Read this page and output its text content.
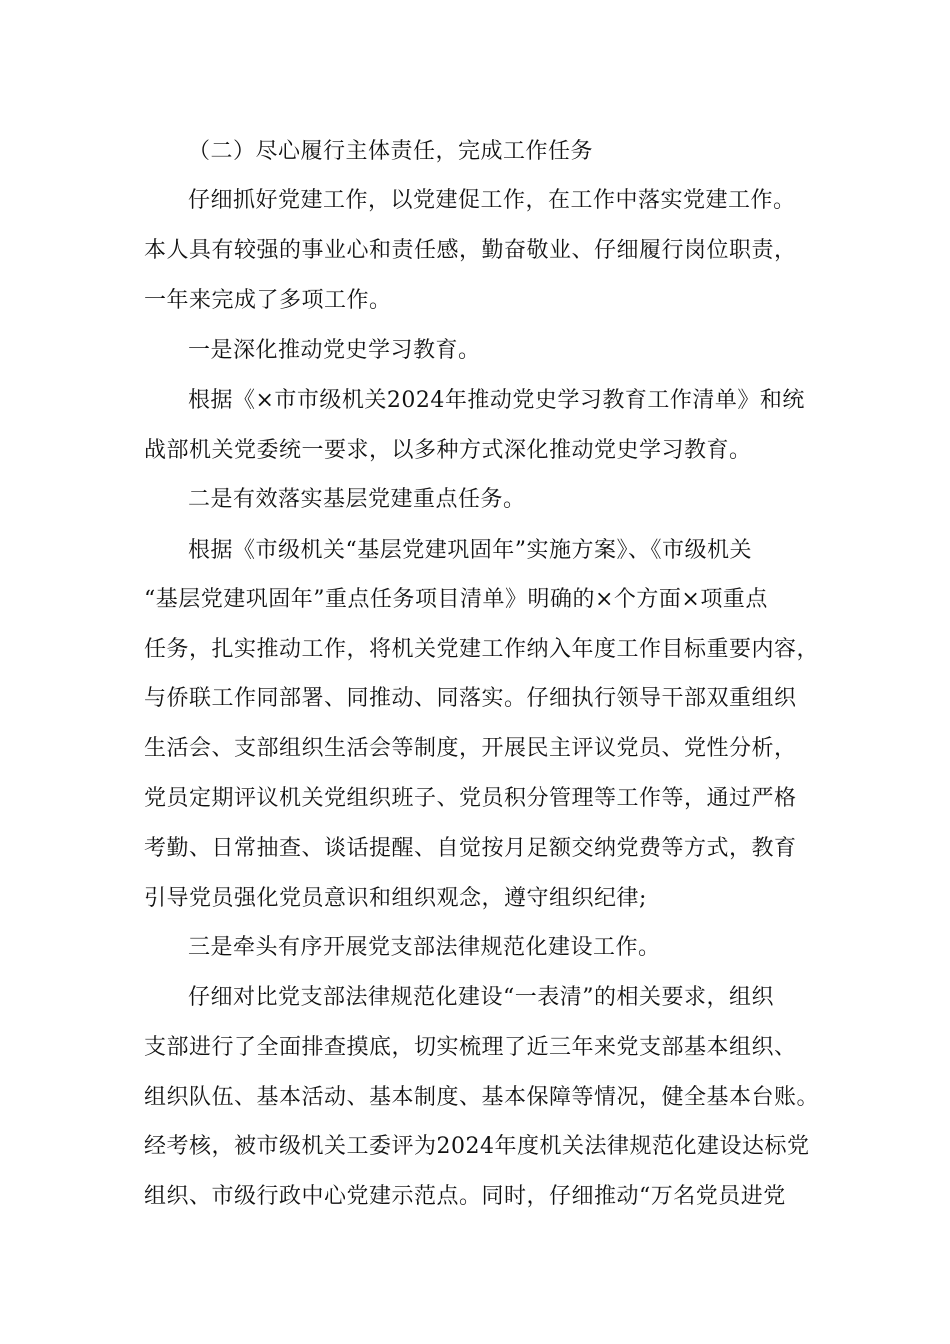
（二）尽心履行主体责任，完成工作任务

仔细抓好党建工作，以党建促工作，在工作中落实党建工作。

本人具有较强的事业心和责任感，勤奋敬业、仔细履行岗位职责，

一年来完成了多项工作。

一是深化推动党史学习教育。

根据《×市市级机关2024年推动党史学习教育工作清单》和统

战部机关党委统一要求，以多种方式深化推动党史学习教育。

二是有效落实基层党建重点任务。

根据《市级机关“基层党建巩固年”实施方案》、《市级机关

“基层党建巩固年”重点任务项目清单》明确的×个方面×项重点

任务，扎实推动工作，将机关党建工作纳入年度工作目标重要内容，

与侨联工作同部署、同推动、同落实。仔细执行领导干部双重组织

生活会、支部组织生活会等制度，开展民主评议党员、党性分析，

党员定期评议机关党组织班子、党员积分管理等工作等，通过严格

考勤、日常抽查、谈话提醒、自觉按月足额交纳党费等方式，教育

引导党员强化党员意识和组织观念，遵守组织纪律;

三是牵头有序开展党支部法律规范化建设工作。

仔细对比党支部法律规范化建设“一表清”的相关要求，组织

支部进行了全面排查摸底，切实梳理了近三年来党支部基本组织、

组织队伍、基本活动、基本制度、基本保障等情况，健全基本台账。

经考核，被市级机关工委评为2024年度机关法律规范化建设达标党

组织、市级行政中心党建示范点。同时，仔细推动“万名党员进党
